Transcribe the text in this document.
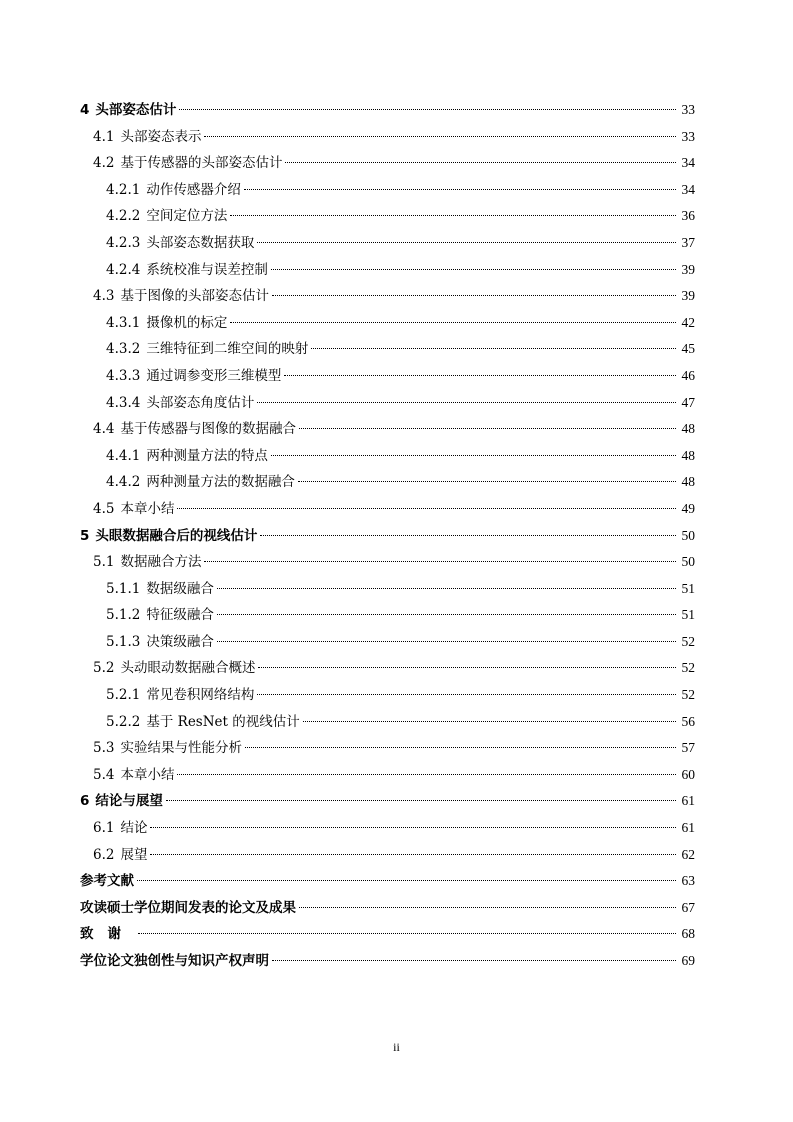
4 头部姿态估计	33
4.1 头部姿态表示	33
4.2 基于传感器的头部姿态估计	34
4.2.1 动作传感器介绍	34
4.2.2 空间定位方法	36
4.2.3 头部姿态数据获取	37
4.2.4 系统校准与误差控制	39
4.3 基于图像的头部姿态估计	39
4.3.1 摄像机的标定	42
4.3.2 三维特征到二维空间的映射	45
4.3.3 通过调参变形三维模型	46
4.3.4 头部姿态角度估计	47
4.4 基于传感器与图像的数据融合	48
4.4.1 两种测量方法的特点	48
4.4.2 两种测量方法的数据融合	48
4.5 本章小结	49
5 头眼数据融合后的视线估计	50
5.1 数据融合方法	50
5.1.1 数据级融合	51
5.1.2 特征级融合	51
5.1.3 决策级融合	52
5.2 头动眼动数据融合概述	52
5.2.1 常见卷积网络结构	52
5.2.2 基于 ResNet 的视线估计	56
5.3 实验结果与性能分析	57
5.4 本章小结	60
6 结论与展望	61
6.1 结论	61
6.2 展望	62
参考文献	63
攻读硕士学位期间发表的论文及成果	67
致谢	68
学位论文独创性与知识产权声明	69
ii
